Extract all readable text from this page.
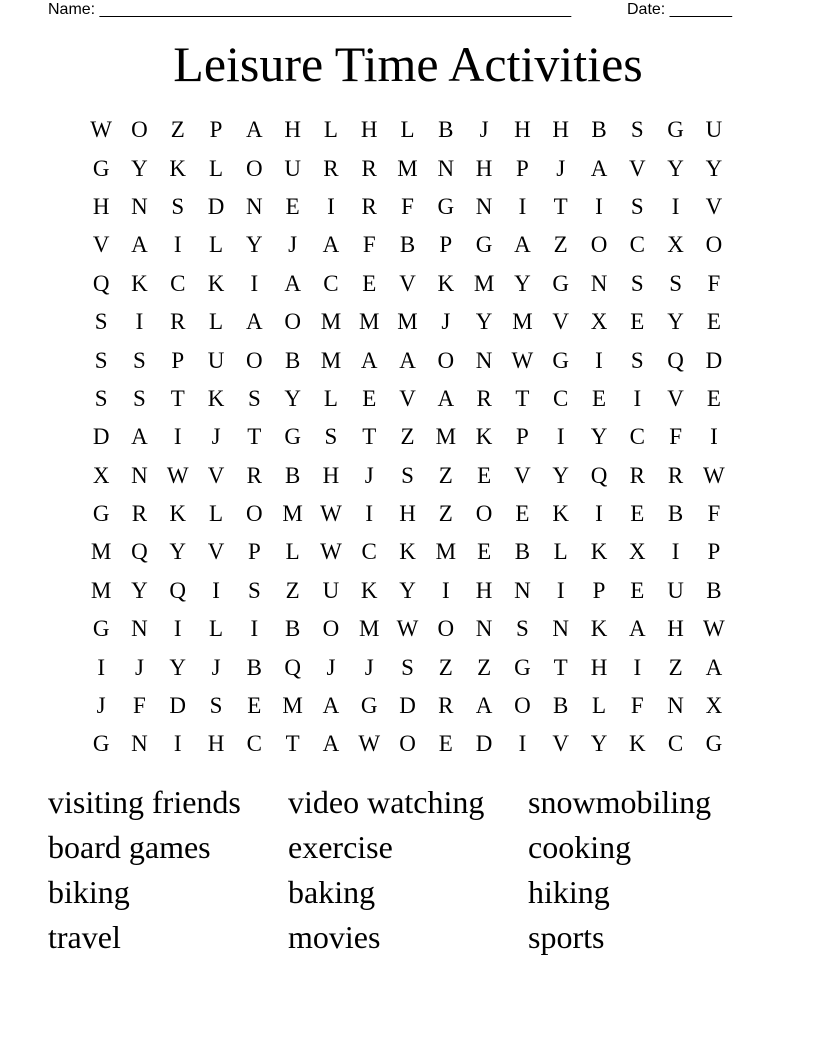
Name: _____________________________________________________

	Date: _______

Leisure Time Activities
W O Z	P	A H L H L	B	J	H H B	S	G U
G Y K L O U R R M N H	P	J	A V Y Y
H N	S	D N E	I	R	F	G N	I	T	I	S	I	V
V A	I	L Y	J	A	F	B	P	G A Z O C X O
Q K C K	I	A C	E V K M Y G N	S	S	F
S	I	R	L A O M M M	J	Y M V X E Y E
S	S	P	U O B M A A O N W G	I	S	Q D
S	S	T K	S	Y L	E V A R	T	C	E	I	V E
D A	I	J	T G	S	T	Z M K	P	I	Y C	F	I
X N W V R B H	J	S	Z	E V Y Q R R W
G R K L O M W	I	H Z O E K	I	E	B	F
M Q Y V	P	L W C K M E	B	L K X	I	P
M Y Q	I	S	Z U K Y	I	H N	I	P	E U B
G N	I	L	I	B O M W O N	S	N K A H W
I	J	Y	J	B Q	J	J	S	Z	Z G T H	I	Z A
J	F	D	S	E M A G D R A O B	L	F	N X
G N	I	H C	T A W O E D	I	V Y K C G
visiting friends	video watching	snowmobiling
board games	exercise	cooking
biking	baking	hiking
travel	movies	sports
